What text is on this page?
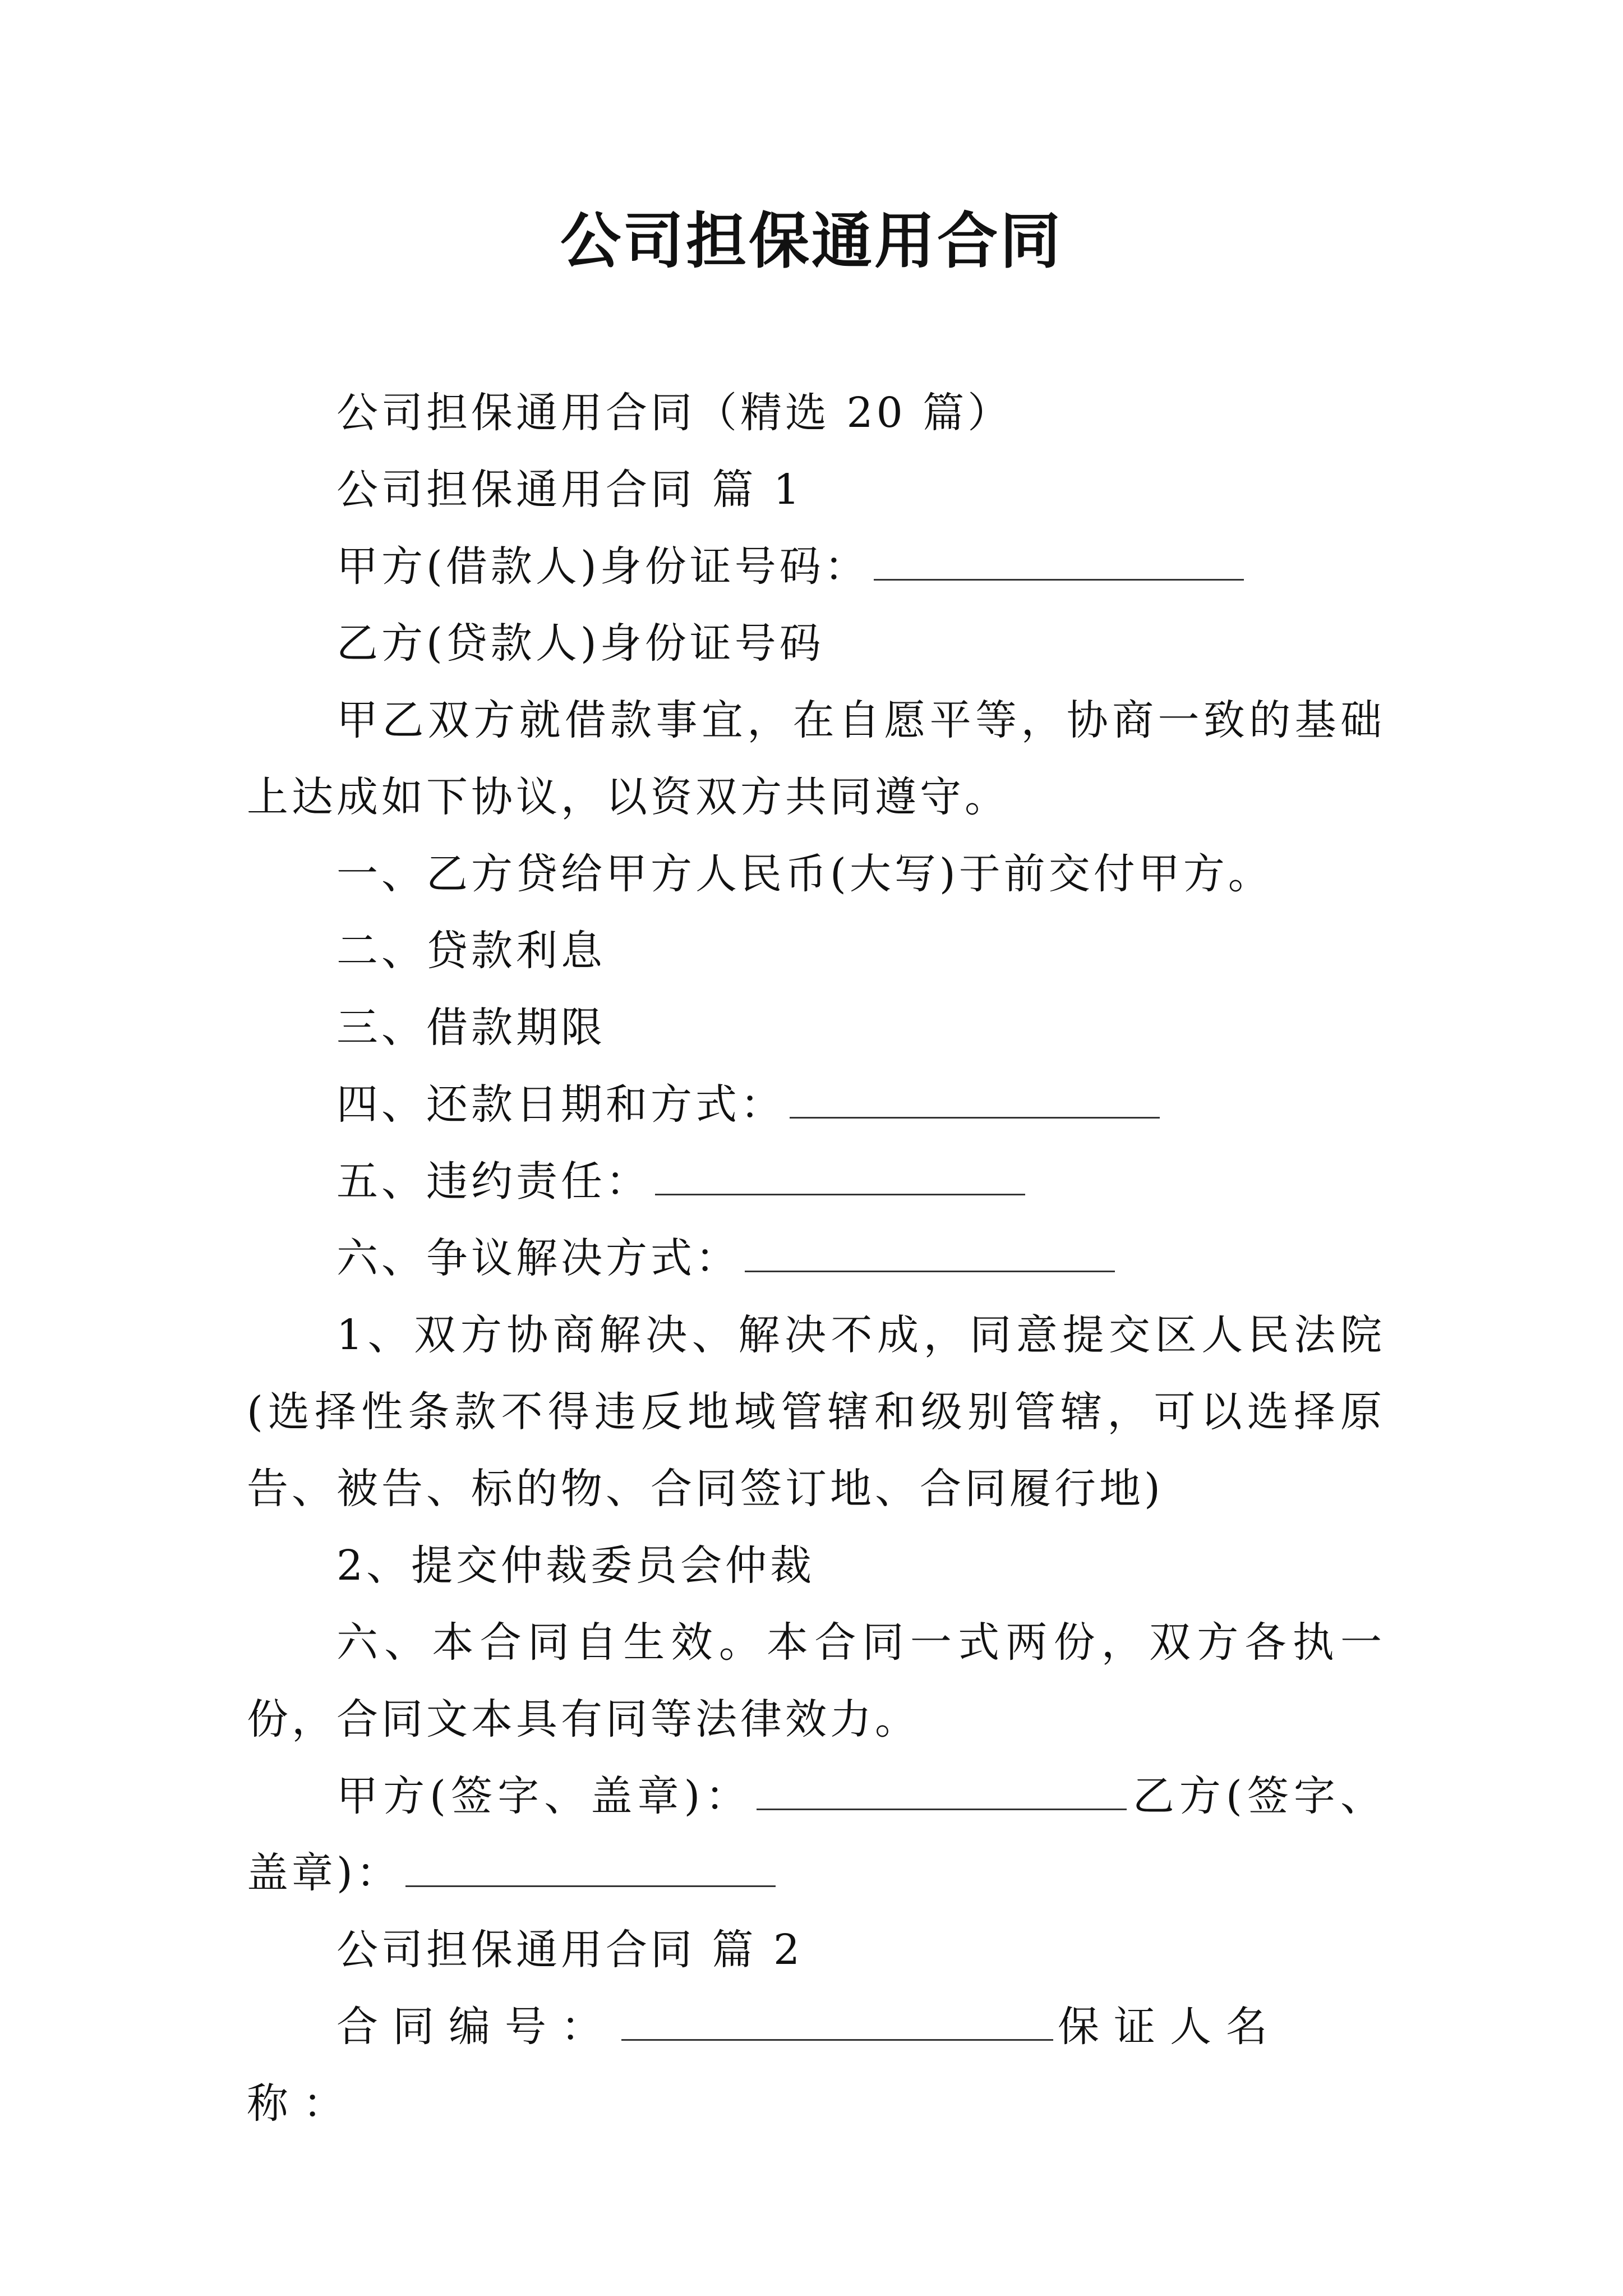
公司担保通用合同

公司担保通用合同（精选 20 篇）

公司担保通用合同 篇 1

甲方(借款人)身份证号码：

乙方(贷款人)身份证号码

甲乙双方就借款事宜，在自愿平等，协商一致的基础上达成如下协议，以资双方共同遵守。

一、乙方贷给甲方人民币(大写)于前交付甲方。

二、贷款利息

三、借款期限

四、还款日期和方式：

五、违约责任：

六、争议解决方式：

1、双方协商解决、解决不成，同意提交区人民法院(选择性条款不得违反地域管辖和级别管辖，可以选择原告、被告、标的物、合同签订地、合同履行地)

2、提交仲裁委员会仲裁

六、本合同自生效。本合同一式两份，双方各执一份，合同文本具有同等法律效力。

甲方(签字、盖章)：	乙方(签字、盖章)：

公司担保通用合同 篇 2

合同编号：	保证人名称：
